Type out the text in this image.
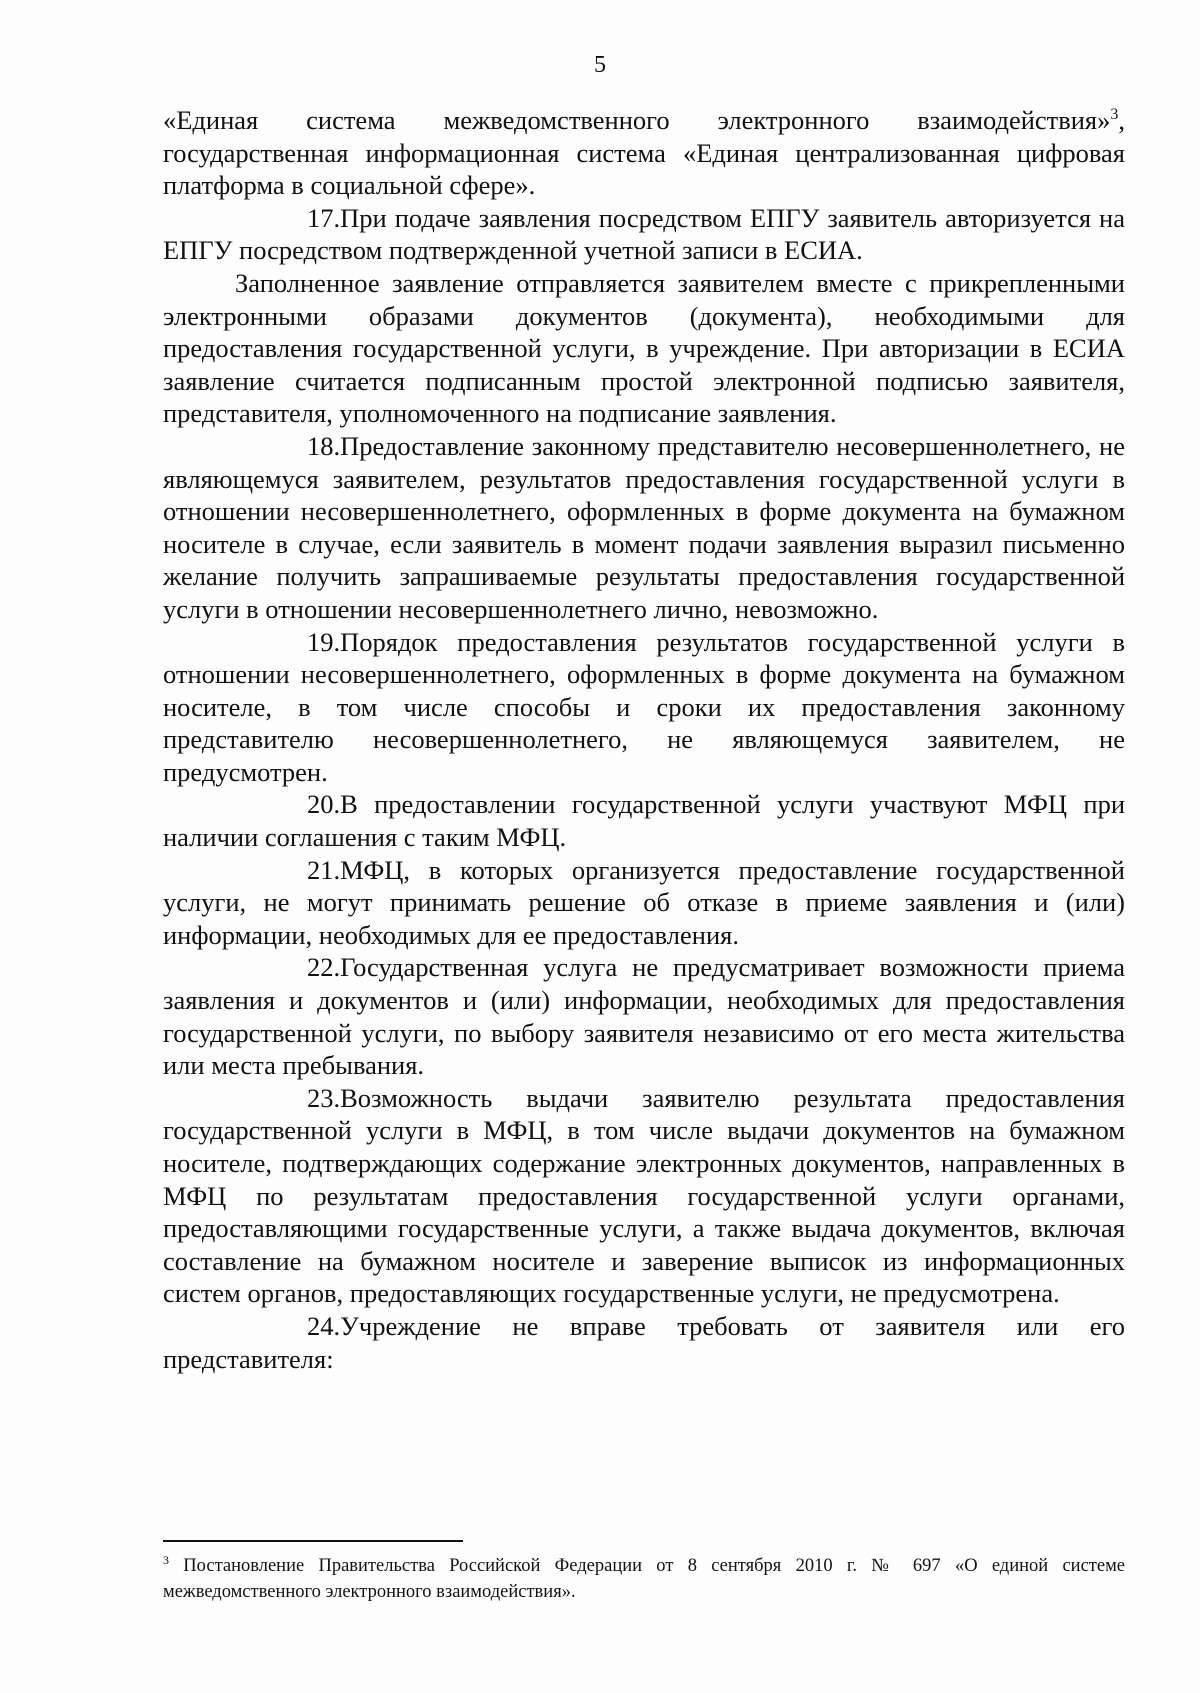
5

«Единая система межведомственного электронного взаимодействия»$^3$, государственная информационная система «Единая централизованная цифровая платформа в социальной сфере».

17.При подаче заявления посредством ЕПГУ заявитель авторизуется на ЕПГУ посредством подтвержденной учетной записи в ЕСИА.

Заполненное заявление отправляется заявителем вместе с прикрепленными электронными образами документов (документа), необходимыми для предоставления государственной услуги, в учреждение. При авторизации в ЕСИА заявление считается подписанным простой электронной подписью заявителя, представителя, уполномоченного на подписание заявления.

18.Предоставление законному представителю несовершеннолетнего, не являющемуся заявителем, результатов предоставления государственной услуги в отношении несовершеннолетнего, оформленных в форме документа на бумажном носителе в случае, если заявитель в момент подачи заявления выразил письменно желание получить запрашиваемые результаты предоставления государственной услуги в отношении несовершеннолетнего лично, невозможно.

19.Порядок предоставления результатов государственной услуги в отношении несовершеннолетнего, оформленных в форме документа на бумажном носителе, в том числе способы и сроки их предоставления законному представителю несовершеннолетнего, не являющемуся заявителем, не предусмотрен.

20.В предоставлении государственной услуги участвуют МФЦ при наличии соглашения с таким МФЦ.

21.МФЦ, в которых организуется предоставление государственной услуги, не могут принимать решение об отказе в приеме заявления и (или) информации, необходимых для ее предоставления.

22.Государственная услуга не предусматривает возможности приема заявления и документов и (или) информации, необходимых для предоставления государственной услуги, по выбору заявителя независимо от его места жительства или места пребывания.

23.Возможность выдачи заявителю результата предоставления государственной услуги в МФЦ, в том числе выдачи документов на бумажном носителе, подтверждающих содержание электронных документов, направленных в МФЦ по результатам предоставления государственной услуги органами, предоставляющими государственные услуги, а также выдача документов, включая составление на бумажном носителе и заверение выписок из информационных систем органов, предоставляющих государственные услуги, не предусмотрена.

24.Учреждение не вправе требовать от заявителя или его представителя:

$^3$ Постановление Правительства Российской Федерации от 8 сентября 2010 г. № 697 «О единой системе межведомственного электронного взаимодействия».
